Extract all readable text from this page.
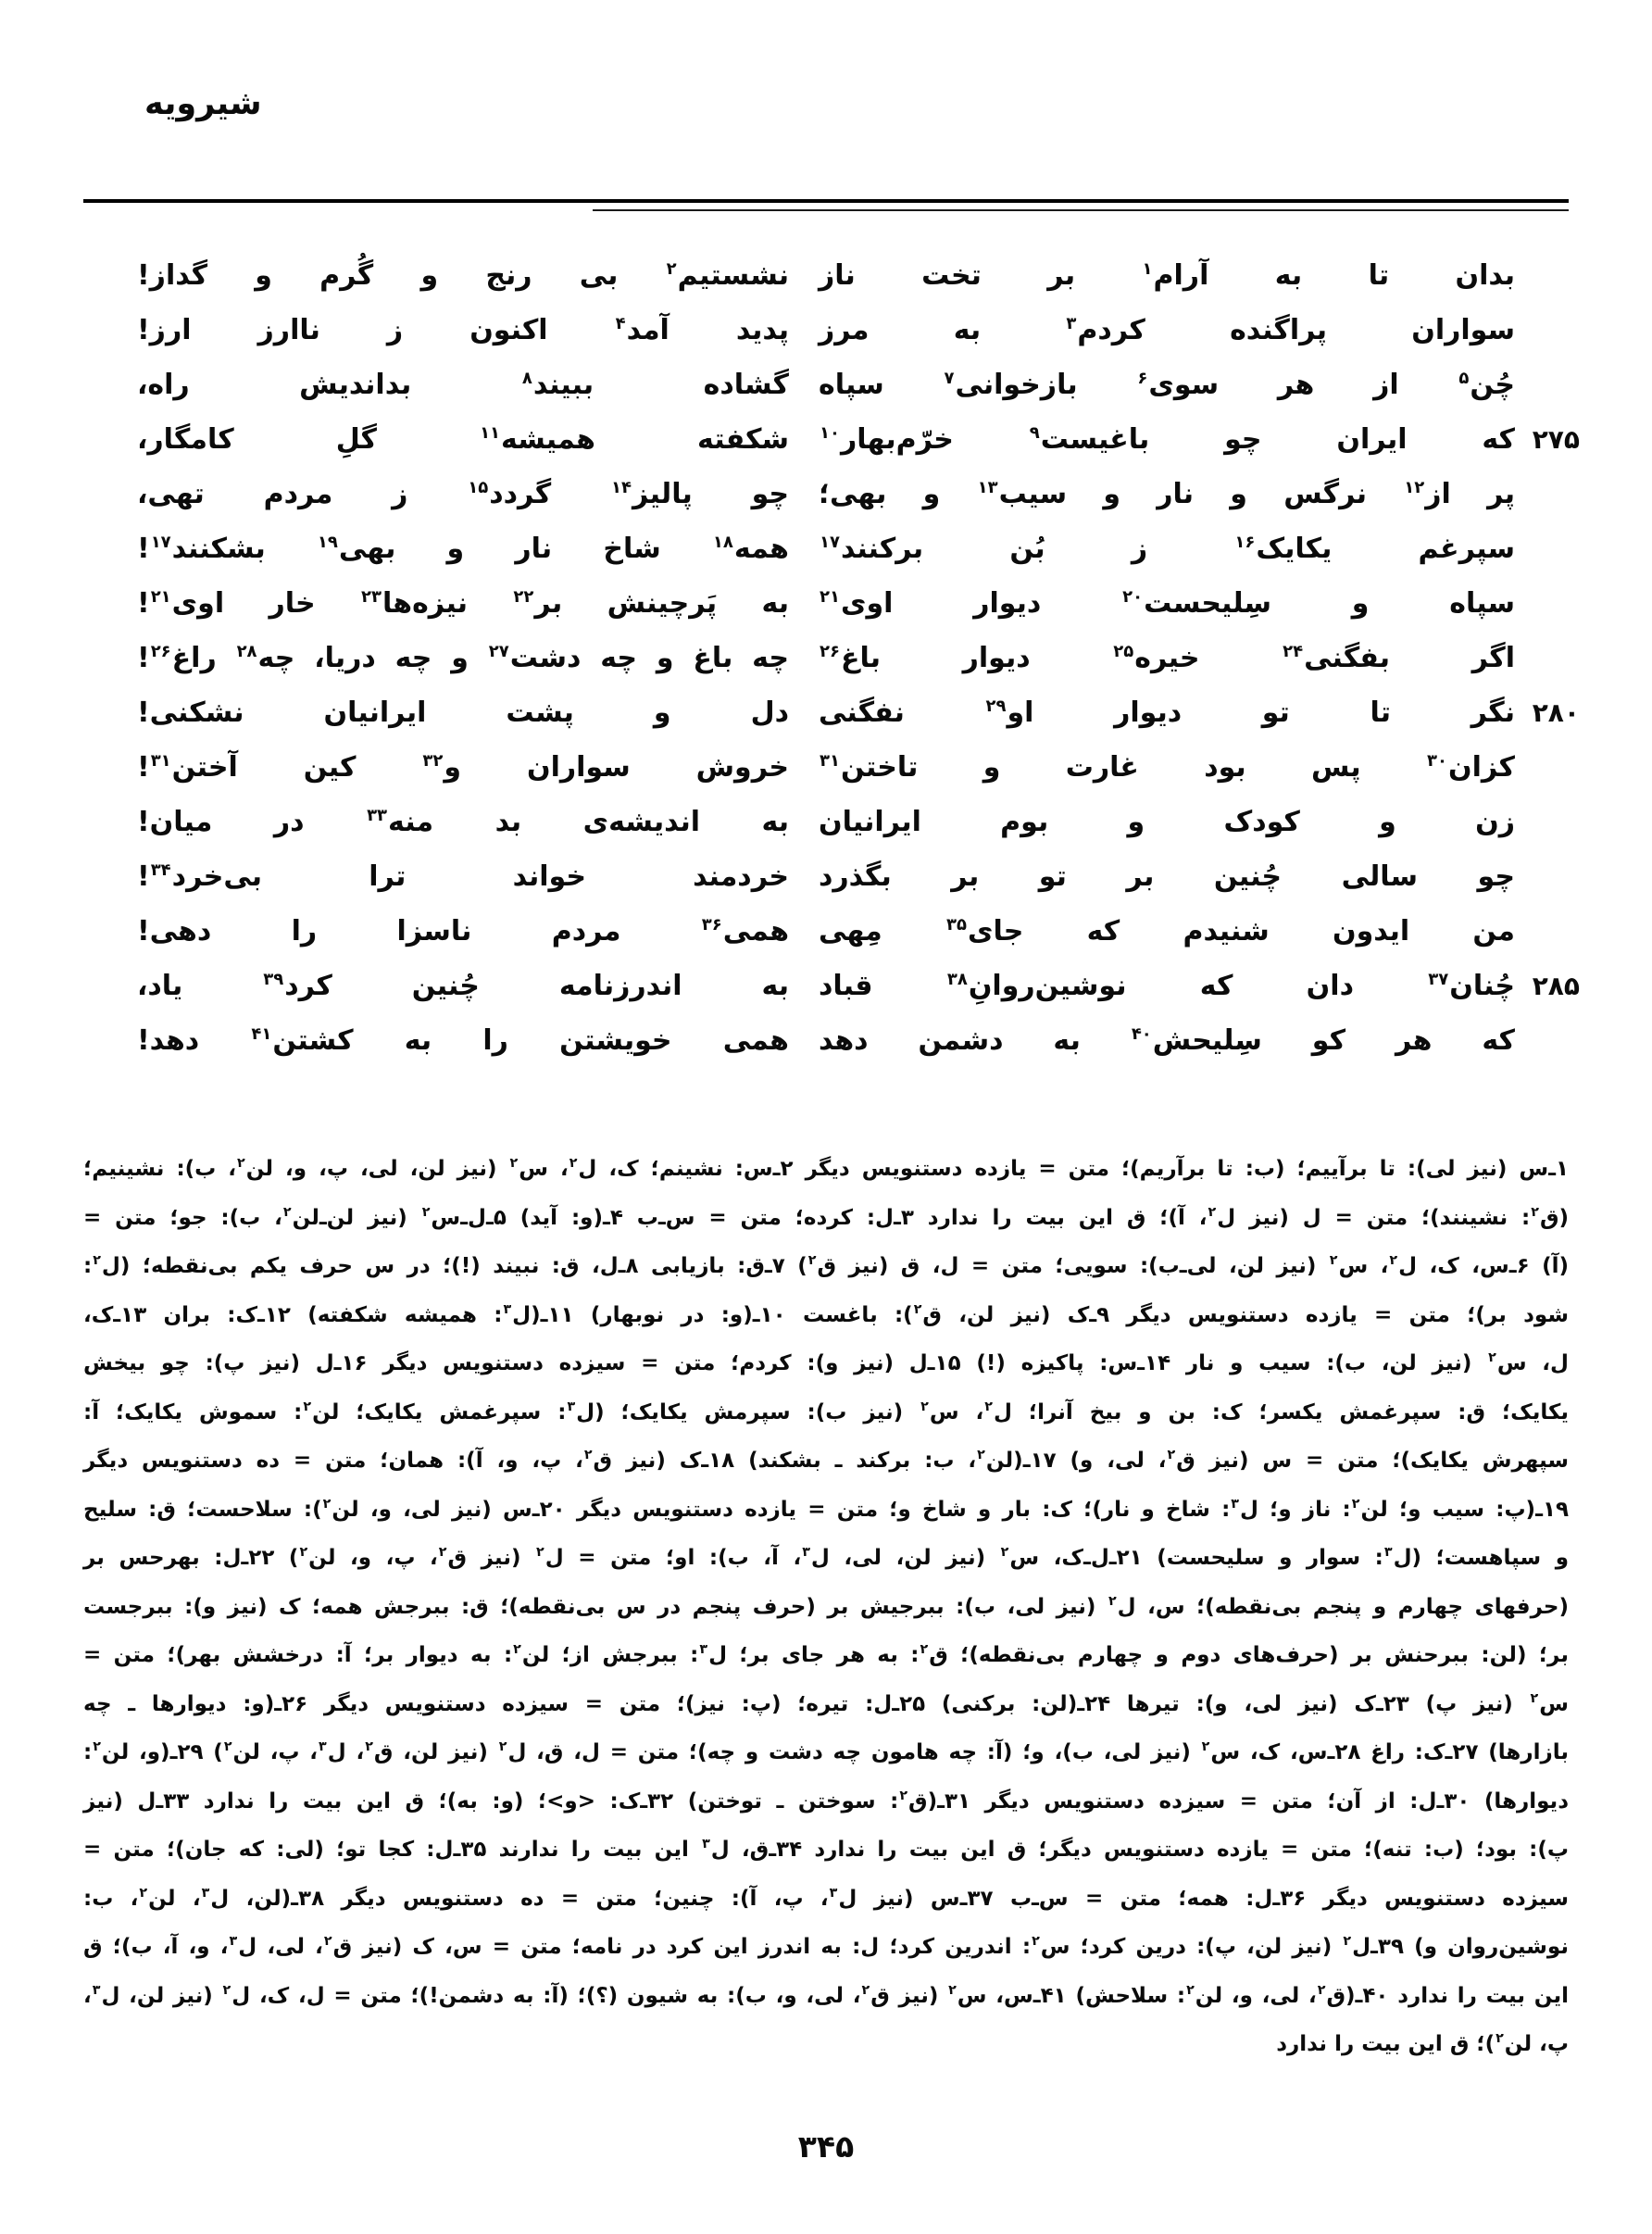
شیرویه
بدان تا به آرام$^۱$ بر تخت ناز
نشستیم$^۲$ بی رنج و گُرم و گداز!
سواران پراگنده کردم$^۳$ به مرز
پدید آمد$^۴$ اکنون ز ناارز ارز!
چُن$^۵$ از هر سوی$^۶$ بازخوانی$^۷$ سپاه
گشاده ببیند$^۸$ بداندیش راه،
۲۷۵
که ایران چو باغیست$^۹$ خرّم‌بهار$^{۱۰}$
شکفته همیشه$^{۱۱}$ گلِ کامگار،
پر از$^{۱۲}$ نرگس و نار و سیب$^{۱۳}$ و بهی؛
چو پالیز$^{۱۴}$ گردد$^{۱۵}$ ز مردم تهی،
سپرغم یکایک$^{۱۶}$ ز بُن برکنند$^{۱۷}$
همه$^{۱۸}$ شاخ نار و بهی$^{۱۹}$ بشکنند$^{۱۷}$!
سپاه و سِلیحست$^{۲۰}$ دیوار اوی$^{۲۱}$
به پَرچینش بر$^{۲۲}$ نیزه‌ها$^{۲۳}$ خار اوی$^{۲۱}$!
اگر بفگنی$^{۲۴}$ خیره$^{۲۵}$ دیوار باغ$^{۲۶}$
چه باغ و چه دشت$^{۲۷}$ و چه دریا، چه$^{۲۸}$ راغ$^{۲۶}$!
۲۸۰
نگر تا تو دیوار او$^{۲۹}$ نفگنی
دل و پشت ایرانیان نشکنی!
کزان$^{۳۰}$ پس بود غارت و تاختن$^{۳۱}$
خروش سواران و$^{۳۲}$ کین آختن$^{۳۱}$!
زن و کودک و بوم ایرانیان
به اندیشه‌ی بد منه$^{۳۳}$ در میان!
چو سالی چُنین بر تو بر بگذرد
خردمند خواند ترا بی‌خرد$^{۳۴}$!
من ایدون شنیدم که جای$^{۳۵}$ مِهی
همی$^{۳۶}$ مردم ناسزا را دهی!
۲۸۵
چُنان$^{۳۷}$ دان که نوشین‌روانِ$^{۳۸}$ قباد
به اندرزنامه چُنین کرد$^{۳۹}$ یاد،
که هر کو سِلیحش$^{۴۰}$ به دشمن دهد
همی خویشتن را به کشتن$^{۴۱}$ دهد!
۱ـ‌س (نیز لی): تا برآییم؛ (ب: تا برآریم)؛ متن = یازده دستنویس دیگر ۲ـ‌س: نشینم؛ ک، ل$^۲$، س$^۲$ (نیز لن، لی، پ، و، لن$^۲$، ب): نشینیم؛
(ق$^۲$: نشینند)؛ متن = ل (نیز ل$^۲$، آ)؛ ق این بیت را ندارد ۳ـ‌ل: کرده؛ متن = س‌ـ‌ب ۴ـ(و: آید) ۵ـ‌ل‌ـ‌س$^۲$ (نیز لن‌ـ‌لن$^۲$، ب): جو؛ متن =
(آ) ۶ـ‌س، ک، ل$^۲$، س$^۲$ (نیز لن، لی‌ـ‌ب): سویی؛ متن = ل، ق (نیز ق$^۲$) ۷ـ‌ق: بازیابی ۸ـ‌ل، ق: نبیند (!)؛ در س حرف یکم بی‌نقطه؛ (ل$^۲$:
شود بر)؛ متن = یازده دستنویس دیگر ۹ـ‌ک (نیز لن، ق$^۲$): باغست ۱۰ـ(و: در نوبهار) ۱۱ـ(ل$^۳$: همیشه شکفته) ۱۲ـ‌ک: بران ۱۳ـ‌ک،
ل، س$^۲$ (نیز لن، ب): سیب و نار ۱۴ـ‌س: پاکیزه (!) ۱۵ـ‌ل (نیز و): کردم؛ متن = سیزده دستنویس دیگر ۱۶ـ‌ل (نیز پ): چو بیخش
یکایک؛ ق: سپرغمش یکسر؛ ک: بن و بیخ آنرا؛ ل$^۲$، س$^۲$ (نیز ب): سپرمش یکایک؛ (ل$^۳$: سپرغمش یکایک؛ لن$^۲$: سموش یکایک؛ آ:
سپهرش یکایک)؛ متن = س (نیز ق$^۲$، لی، و) ۱۷ـ(لن$^۲$، ب: برکند ـ بشکند) ۱۸ـ‌ک (نیز ق$^۲$، پ، و، آ): همان؛ متن = ده دستنویس دیگر
۱۹ـ(پ: سیب و؛ لن$^۲$: ناز و؛ ل$^۳$: شاخ و نار)؛ ک: بار و شاخ و؛ متن = یازده دستنویس دیگر ۲۰ـ‌س (نیز لی، و، لن$^۲$): سلاحست؛ ق: سلیح
و سپاهست؛ (ل$^۳$: سوار و سلیحست) ۲۱ـ‌ل‌ـ‌ک، س$^۲$ (نیز لن، لی، ل$^۳$، آ، ب): او؛ متن = ل$^۲$ (نیز ق$^۲$، پ، و، لن$^۲$) ۲۲ـ‌ل: بهرحس بر
(حرفهای چهارم و پنجم بی‌نقطه)؛ س، ل$^۲$ (نیز لی، ب): ببرجیش بر (حرف پنجم در س بی‌نقطه)؛ ق: ببرجش همه؛ ک (نیز و): ببرجست
بر؛ (لن: ببرحنش بر (حرف‌های دوم و چهارم بی‌نقطه)؛ ق$^۲$: به هر جای بر؛ ل$^۳$: ببرجش از؛ لن$^۲$: به دیوار بر؛ آ: درخشش بهر)؛ متن =
س$^۲$ (نیز پ) ۲۳ـ‌ک (نیز لی، و): تیرها ۲۴ـ(لن: برکنی) ۲۵ـ‌ل: تیره؛ (پ: نیز)؛ متن = سیزده دستنویس دیگر ۲۶ـ(و: دیوارها ـ چه
بازارها) ۲۷ـ‌ک: راغ ۲۸ـ‌س، ک، س$^۲$ (نیز لی، ب)، و؛ (آ: چه هامون چه دشت و چه)؛ متن = ل، ق، ل$^۲$ (نیز لن، ق$^۲$، ل$^۳$، پ، لن$^۲$) ۲۹ـ(و، لن$^۲$:
دیوارها) ۳۰ـ‌ل: از آن؛ متن = سیزده دستنویس دیگر ۳۱ـ(ق$^۲$: سوختن ـ توختن) ۳۲ـ‌ک: <و>؛ (و: به)؛ ق این بیت را ندارد ۳۳ـ‌ل (نیز
پ): بود؛ (ب: تنه)؛ متن = یازده دستنویس دیگر؛ ق این بیت را ندارد ۳۴ـ‌ق، ل$^۳$ این بیت را ندارند ۳۵ـ‌ل: کجا تو؛ (لی: که جان)؛ متن =
سیزده دستنویس دیگر ۳۶ـ‌ل: همه؛ متن = س‌ـ‌ب ۳۷ـ‌س (نیز ل$^۳$، پ، آ): چنین؛ متن = ده دستنویس دیگر ۳۸ـ(لن، ل$^۳$، لن$^۲$، ب:
نوشین‌روان و) ۳۹ـ‌ل$^۲$ (نیز لن، پ): درین کرد؛ س$^۲$: اندرین کرد؛ ل: به اندرز این کرد در نامه؛ متن = س، ک (نیز ق$^۲$، لی، ل$^۳$، و، آ، ب)؛ ق
این بیت را ندارد ۴۰ـ(ق$^۲$، لی، و، لن$^۲$: سلاحش) ۴۱ـ‌س، س$^۲$ (نیز ق$^۲$، لی، و، ب): به شیون (؟)؛ (آ: به دشمن!)؛ متن = ل، ک، ل$^۲$ (نیز لن، ل$^۳$،
پ، لن$^۲$)؛ ق این بیت را ندارد
۳۴۵
